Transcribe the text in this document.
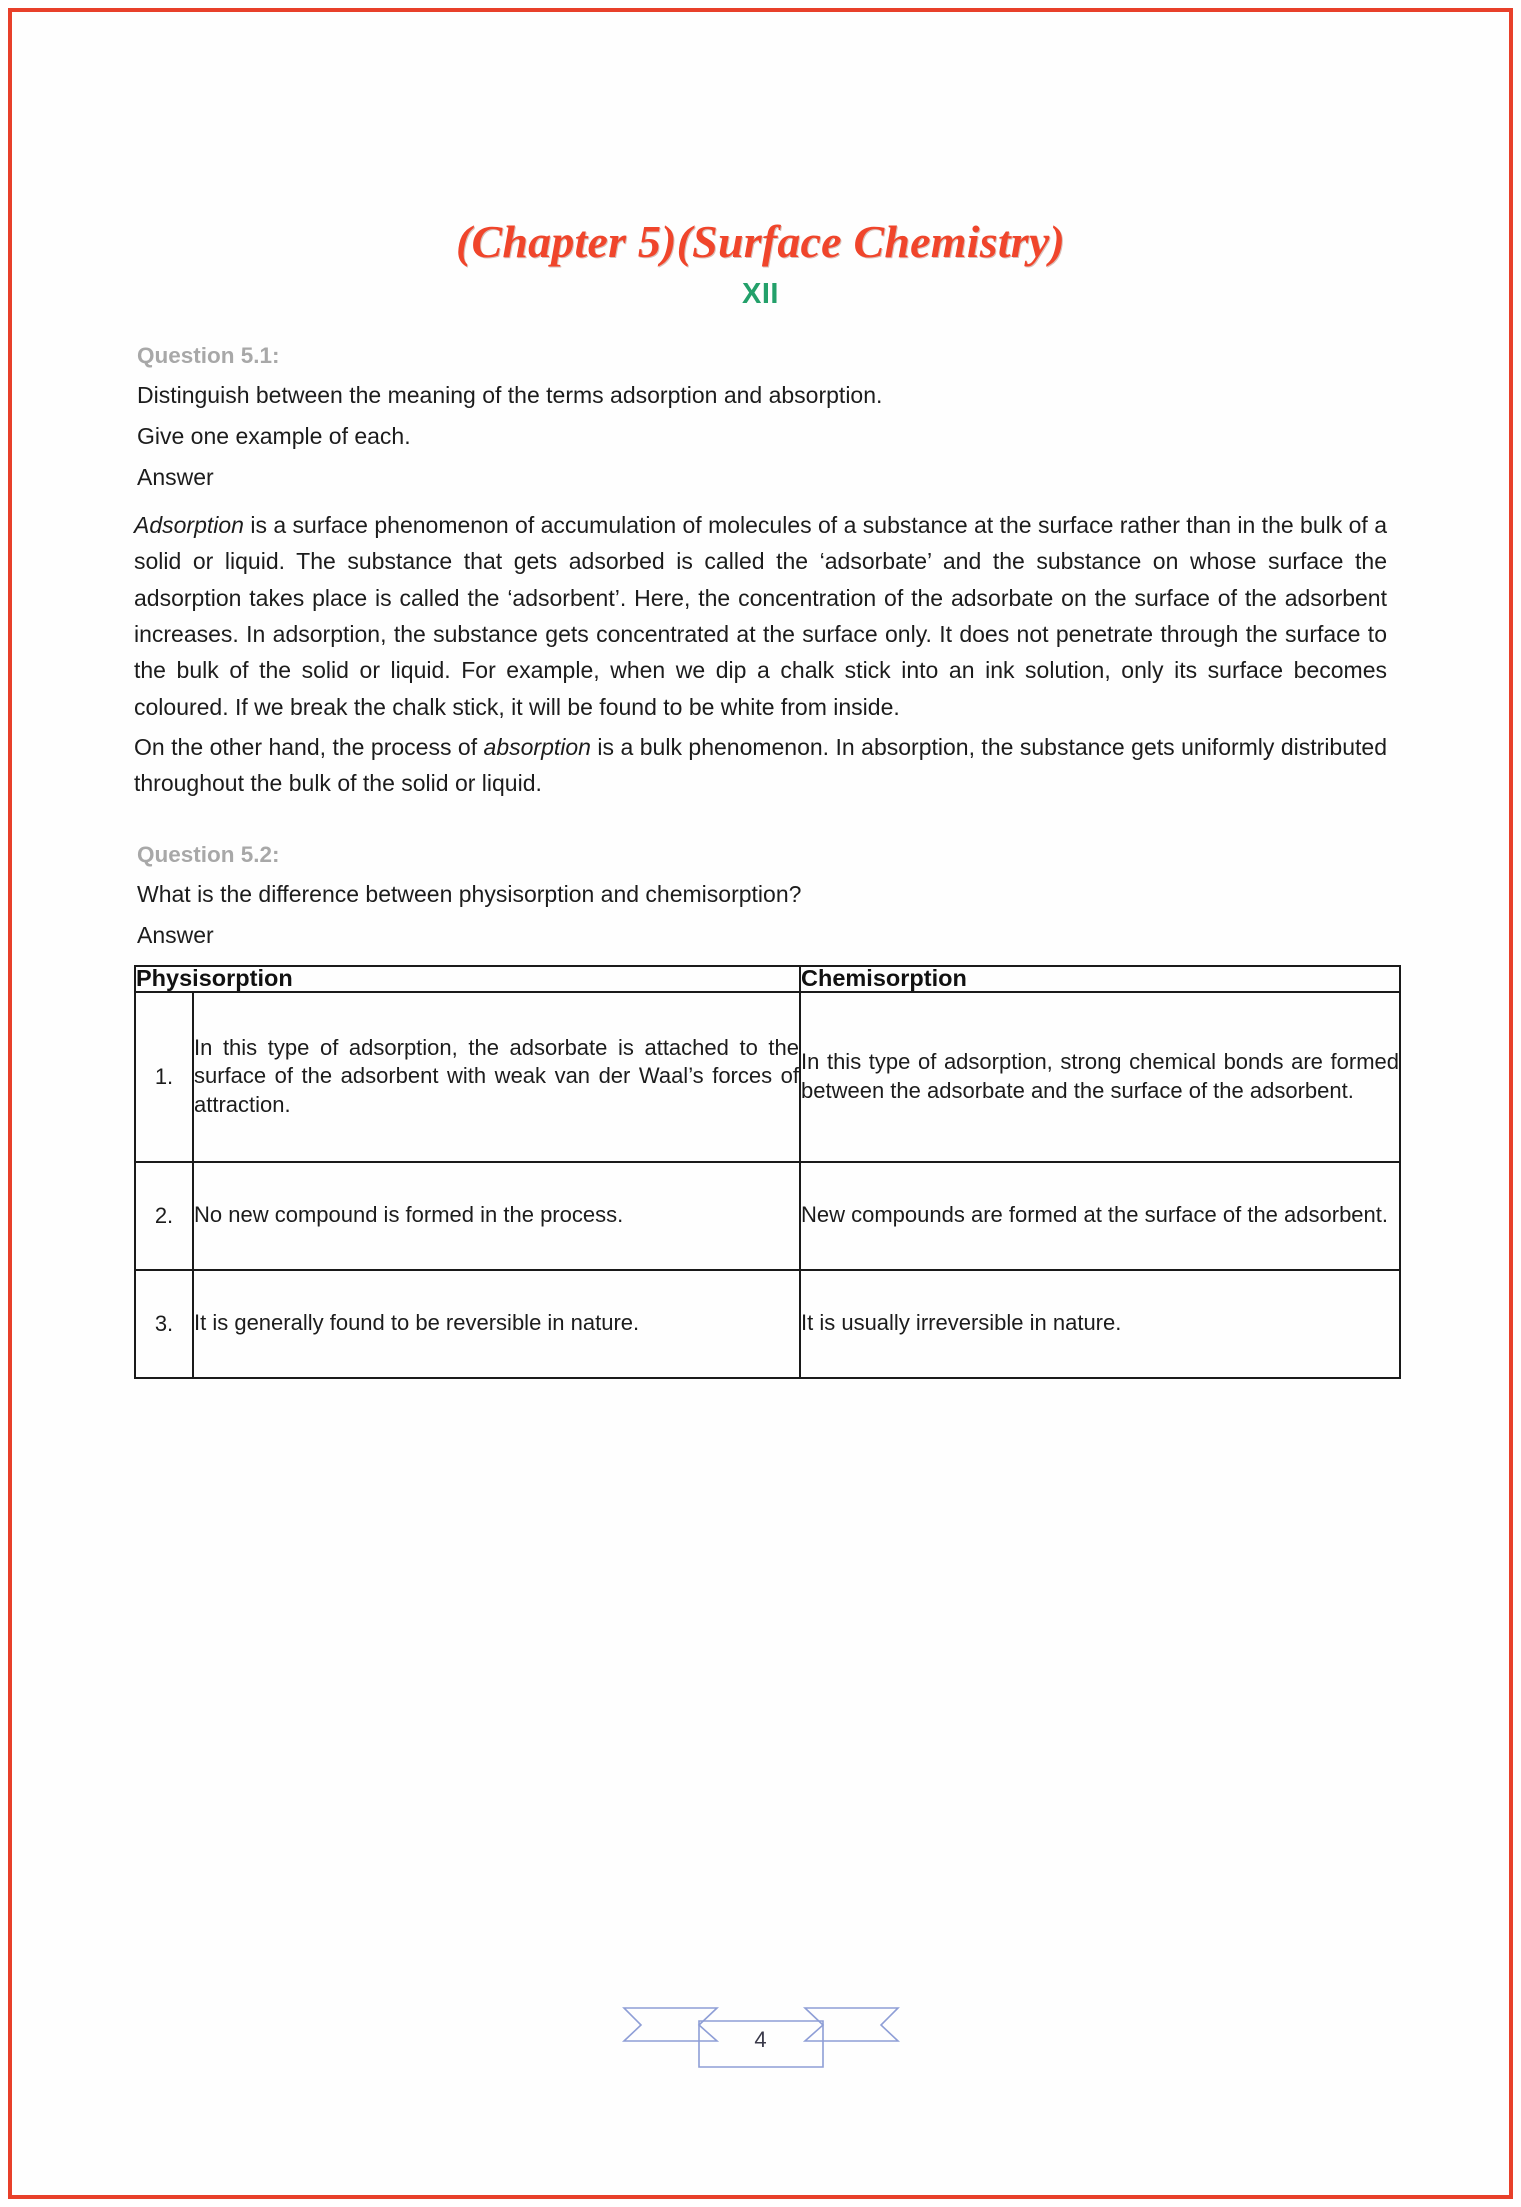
(Chapter 5)(Surface Chemistry)
XII
Question 5.1:
Distinguish between the meaning of the terms adsorption and absorption.
Give one example of each.
Answer

Adsorption is a surface phenomenon of accumulation of molecules of a substance at the surface rather than in the bulk of a solid or liquid. The substance that gets adsorbed is called the ‘adsorbate’ and the substance on whose surface the adsorption takes place is called the ‘adsorbent’. Here, the concentration of the adsorbate on the surface of the adsorbent increases. In adsorption, the substance gets concentrated at the surface only. It does not penetrate through the surface to the bulk of the solid or liquid. For example, when we dip a chalk stick into an ink solution, only its surface becomes coloured. If we break the chalk stick, it will be found to be white from inside.

On the other hand, the process of absorption is a bulk phenomenon. In absorption, the substance gets uniformly distributed throughout the bulk of the solid or liquid.

Question 5.2:
What is the difference between physisorption and chemisorption?
Answer
Physisorption		Chemisorption
1.	In this type of adsorption, the adsorbate is attached to the surface of the adsorbent with weak van der Waal’s forces of attraction.	In this type of adsorption, strong chemical bonds are formed between the adsorbate and the surface of the adsorbent.
2.	No new compound is formed in the process.	New compounds are formed at the surface of the adsorbent.
3.	It is generally found to be reversible in nature.	It is usually irreversible in nature.
4
